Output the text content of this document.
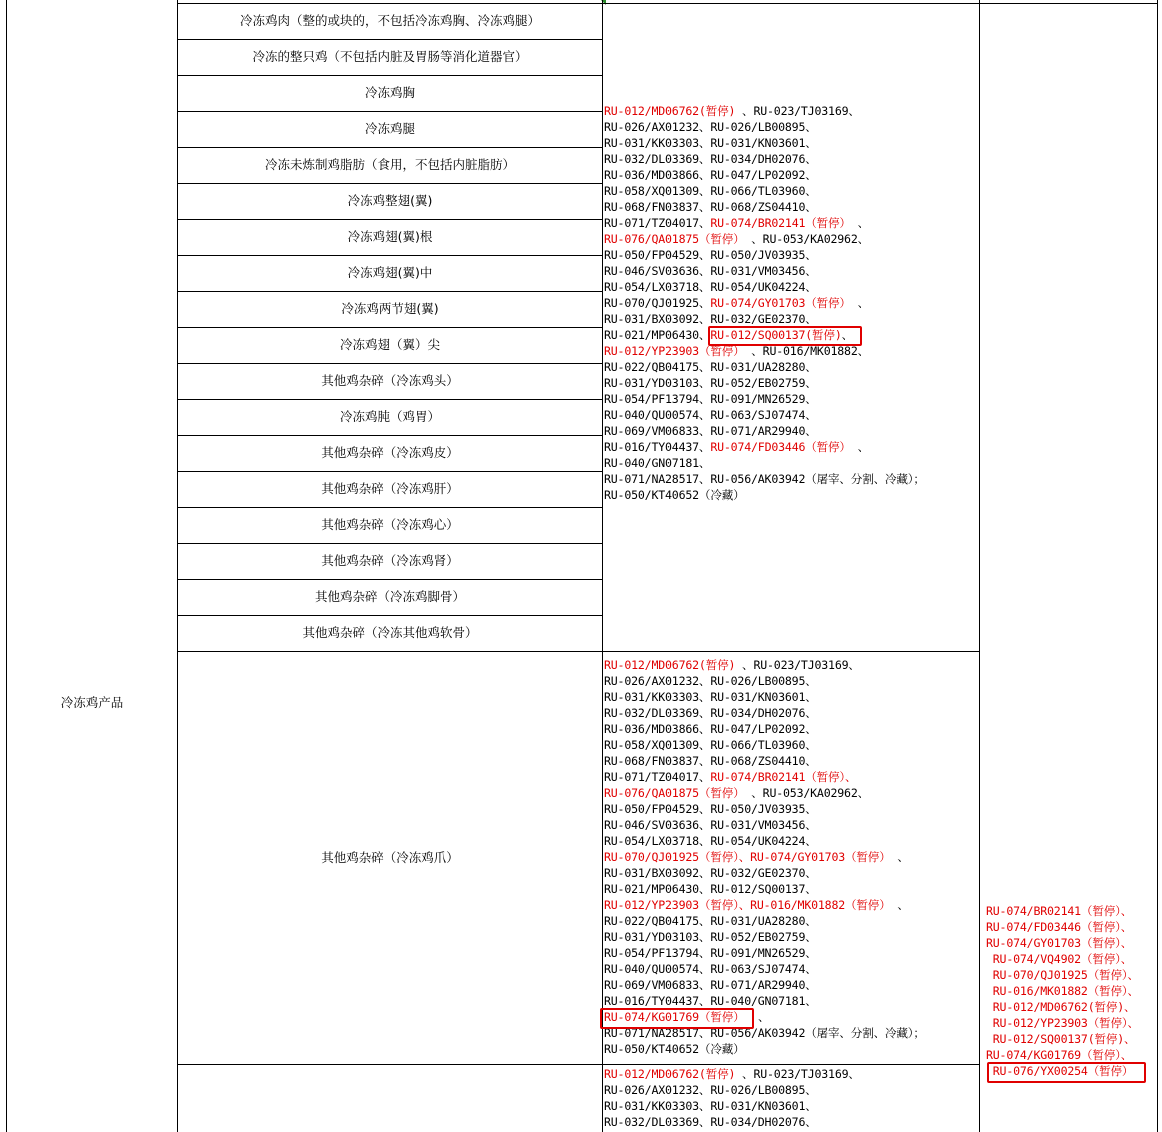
冷冻鸡产品
冷冻鸡肉（整的或块的，不包括冷冻鸡胸、冷冻鸡腿）
冷冻的整只鸡（不包括内脏及胃肠等消化道器官）
冷冻鸡胸
冷冻鸡腿
冷冻未炼制鸡脂肪（食用，不包括内脏脂肪）
冷冻鸡整翅(翼)
冷冻鸡翅(翼)根
冷冻鸡翅(翼)中
冷冻鸡两节翅(翼)
冷冻鸡翅（翼）尖
其他鸡杂碎（冷冻鸡头）
冷冻鸡肫（鸡胃）
其他鸡杂碎（冷冻鸡皮）
其他鸡杂碎（冷冻鸡肝）
其他鸡杂碎（冷冻鸡心）
其他鸡杂碎（冷冻鸡肾）
其他鸡杂碎（冷冻鸡脚骨）
其他鸡杂碎（冷冻其他鸡软骨）
其他鸡杂碎（冷冻鸡爪）
RU-012/MD06762(暂停) 、RU-023/TJ03169、
RU-026/AX01232、RU-026/LB00895、
RU-031/KK03303、RU-031/KN03601、
RU-032/DL03369、RU-034/DH02076、
RU-036/MD03866、RU-047/LP02092、
RU-058/XQ01309、RU-066/TL03960、
RU-068/FN03837、RU-068/ZS04410、
RU-071/TZ04017、RU-074/BR02141（暂停） 、
RU-076/QA01875（暂停） 、RU-053/KA02962、
RU-050/FP04529、RU-050/JV03935、
RU-046/SV03636、RU-031/VM03456、
RU-054/LX03718、RU-054/UK04224、
RU-070/QJ01925、RU-074/GY01703（暂停） 、
RU-031/BX03092、RU-032/GE02370、
RU-021/MP06430、RU-012/SQ00137(暂停)、
RU-012/YP23903（暂停） 、RU-016/MK01882、
RU-022/QB04175、RU-031/UA28280、
RU-031/YD03103、RU-052/EB02759、
RU-054/PF13794、RU-091/MN26529、
RU-040/QU00574、RU-063/SJ07474、
RU-069/VM06833、RU-071/AR29940、
RU-016/TY04437、RU-074/FD03446（暂停） 、
RU-040/GN07181、
RU-071/NA28517、RU-056/AK03942（屠宰、分割、冷藏）；
RU-050/KT40652（冷藏）
RU-012/MD06762(暂停) 、RU-023/TJ03169、
RU-026/AX01232、RU-026/LB00895、
RU-031/KK03303、RU-031/KN03601、
RU-032/DL03369、RU-034/DH02076、
RU-036/MD03866、RU-047/LP02092、
RU-058/XQ01309、RU-066/TL03960、
RU-068/FN03837、RU-068/ZS04410、
RU-071/TZ04017、RU-074/BR02141（暂停）、
RU-076/QA01875（暂停） 、RU-053/KA02962、
RU-050/FP04529、RU-050/JV03935、
RU-046/SV03636、RU-031/VM03456、
RU-054/LX03718、RU-054/UK04224、
RU-070/QJ01925（暂停）、RU-074/GY01703（暂停） 、
RU-031/BX03092、RU-032/GE02370、
RU-021/MP06430、RU-012/SQ00137、
RU-012/YP23903（暂停）、RU-016/MK01882（暂停） 、
RU-022/QB04175、RU-031/UA28280、
RU-031/YD03103、RU-052/EB02759、
RU-054/PF13794、RU-091/MN26529、
RU-040/QU00574、RU-063/SJ07474、
RU-069/VM06833、RU-071/AR29940、
RU-016/TY04437、RU-040/GN07181、
RU-074/KG01769（暂停）  、
RU-071/NA28517、RU-056/AK03942（屠宰、分割、冷藏）；
RU-050/KT40652（冷藏）
RU-012/MD06762(暂停) 、RU-023/TJ03169、
RU-026/AX01232、RU-026/LB00895、
RU-031/KK03303、RU-031/KN03601、
RU-032/DL03369、RU-034/DH02076、
RU-074/BR02141（暂停）、
RU-074/FD03446（暂停）、
RU-074/GY01703（暂停）、
RU-074/VQ4902（暂停）、
RU-070/QJ01925（暂停）、
RU-016/MK01882（暂停）、
RU-012/MD06762(暂停)、
RU-012/YP23903（暂停）、
RU-012/SQ00137(暂停)、
RU-074/KG01769（暂停）、
RU-076/YX00254（暂停）
